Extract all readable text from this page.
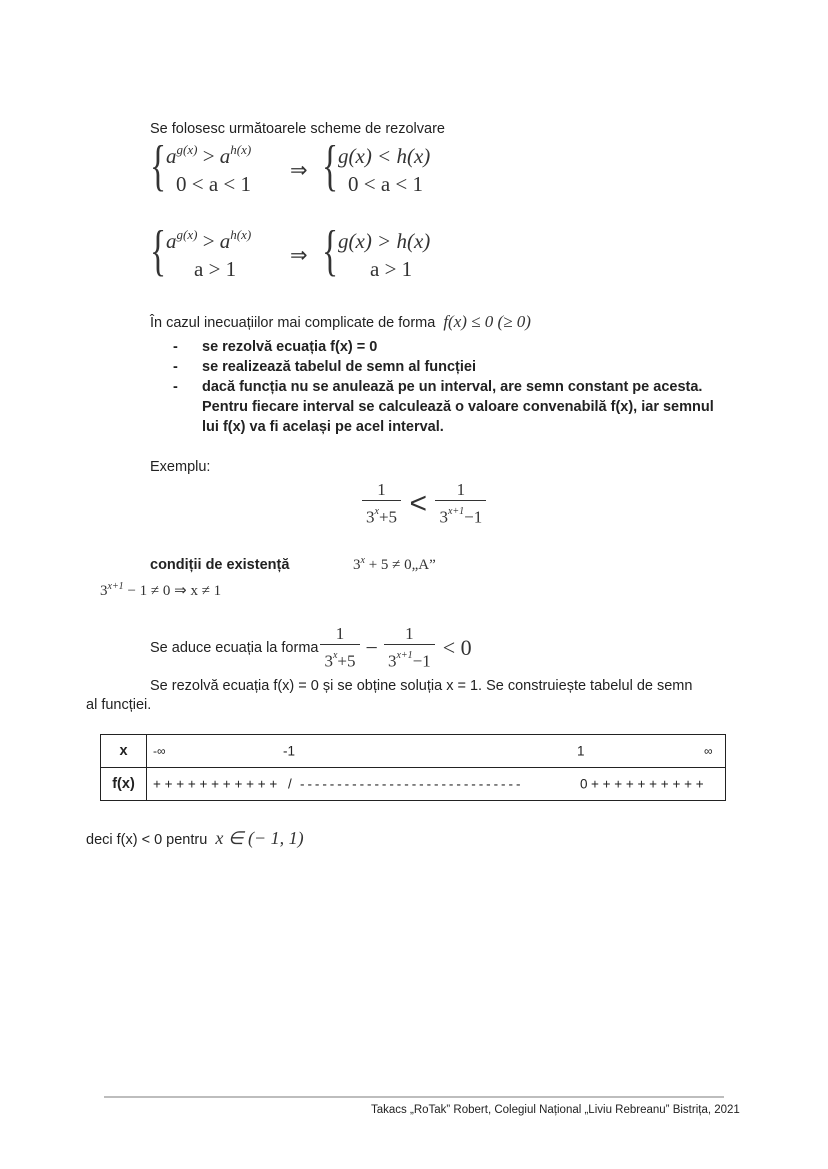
Se folosesc următoarele scheme de rezolvare
{ $a^{g(x)} > a^{h(x)}$
0 < a < 1
⇒ { g(x) < h(x)
0 < a < 1
{ $a^{g(x)} > a^{h(x)}$
a > 1
⇒ { g(x) > h(x)
a > 1
În cazul inecuațiilor mai complicate de forma f(x) ≤ 0 (≥ 0)
- se rezolvă ecuația f(x) = 0
- se realizează tabelul de semn al funcției
- dacă funcția nu se anulează pe un interval, are semn constant pe acesta. Pentru fiecare interval se calculează o valoare convenabilă f(x), iar semnul lui f(x) va fi același pe acel interval.
Exemplu:
$\frac{1}{3^x+5} < \frac{1}{3^{x+1}-1}$
condiții de existență	$3^x + 5$ ≠ 0„A”
$3^{x+1} - 1 \ne 0$ ⇒ x ≠ 1
Se aduce ecuația la forma $\frac{1}{3^x+5} - \frac{1}{3^{x+1}-1} < 0$
Se rezolvă ecuația f(x) = 0 și se obține soluția x = 1. Se construiește tabelul de semn
al funcției.
x	-∞ -1 1 ∞

f(x)	+ + + + + + + + + + + / - - - - - - - - - - - - - - - - - - - - - - - - - - - - - - 0 + + + + + + + + + +
deci f(x) < 0 pentru x ∈ (− 1, 1)
Takacs „RoTak” Robert, Colegiul Național „Liviu Rebreanu” Bistrița, 2021
